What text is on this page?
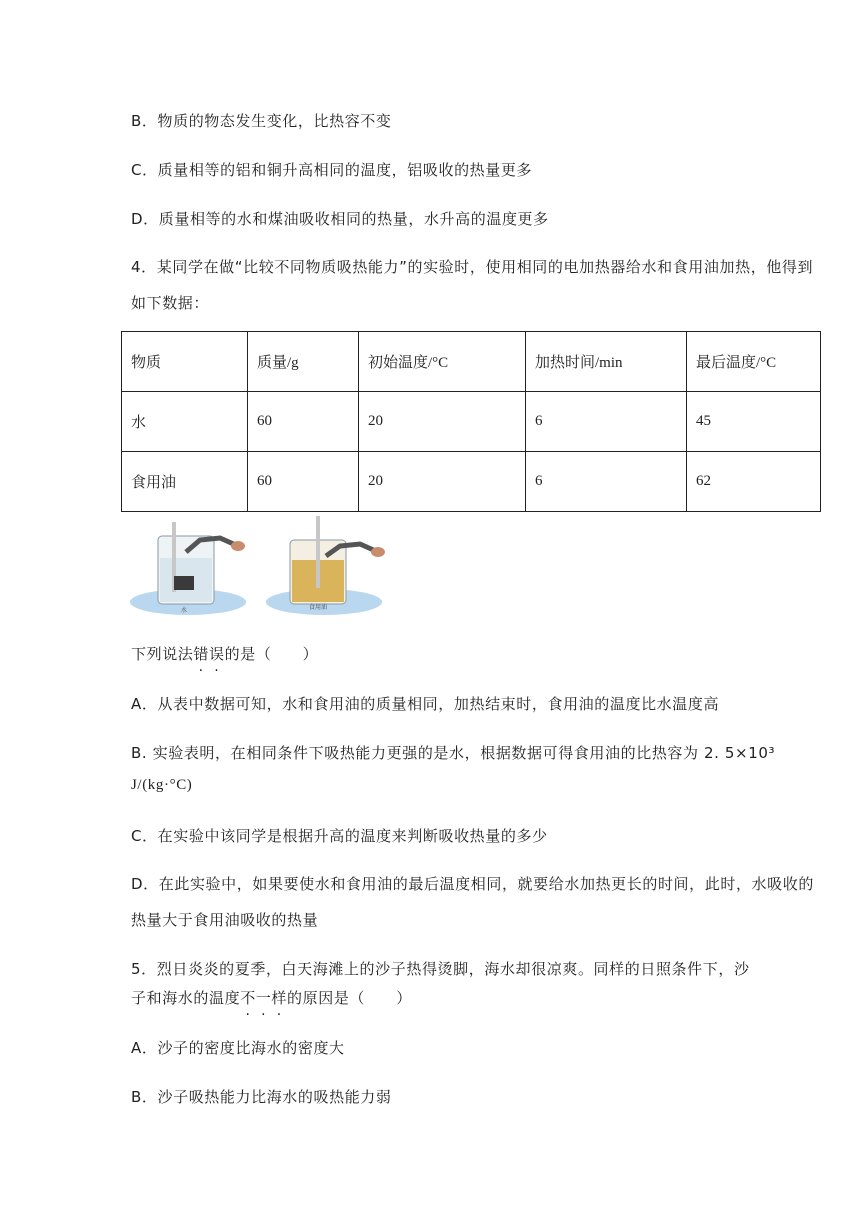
B．物质的物态发生变化，比热容不变
C．质量相等的铝和铜升高相同的温度，铝吸收的热量更多
D．质量相等的水和煤油吸收相同的热量，水升高的温度更多
4．某同学在做“比较不同物质吸热能力”的实验时，使用相同的电加热器给水和食用油加热，他得到如下数据：
物质	质量/g	初始温度/°C	加热时间/min	最后温度/°C
水	60	20	6	45
食用油	60	20	6	62
水	食用油
下列说法错误的是（　　）
A．从表中数据可知，水和食用油的质量相同，加热结束时，食用油的温度比水温度高
B. 实验表明，在相同条件下吸热能力更强的是水，根据数据可得食用油的比热容为 2. 5×10³
J/(kg·°C)
C．在实验中该同学是根据升高的温度来判断吸收热量的多少
D．在此实验中，如果要使水和食用油的最后温度相同，就要给水加热更长的时间，此时，水吸收的热量大于食用油吸收的热量
5．烈日炎炎的夏季，白天海滩上的沙子热得烫脚，海水却很凉爽。同样的日照条件下，沙
子和海水的温度不一样的原因是（　　）
A．沙子的密度比海水的密度大
B．沙子吸热能力比海水的吸热能力弱
